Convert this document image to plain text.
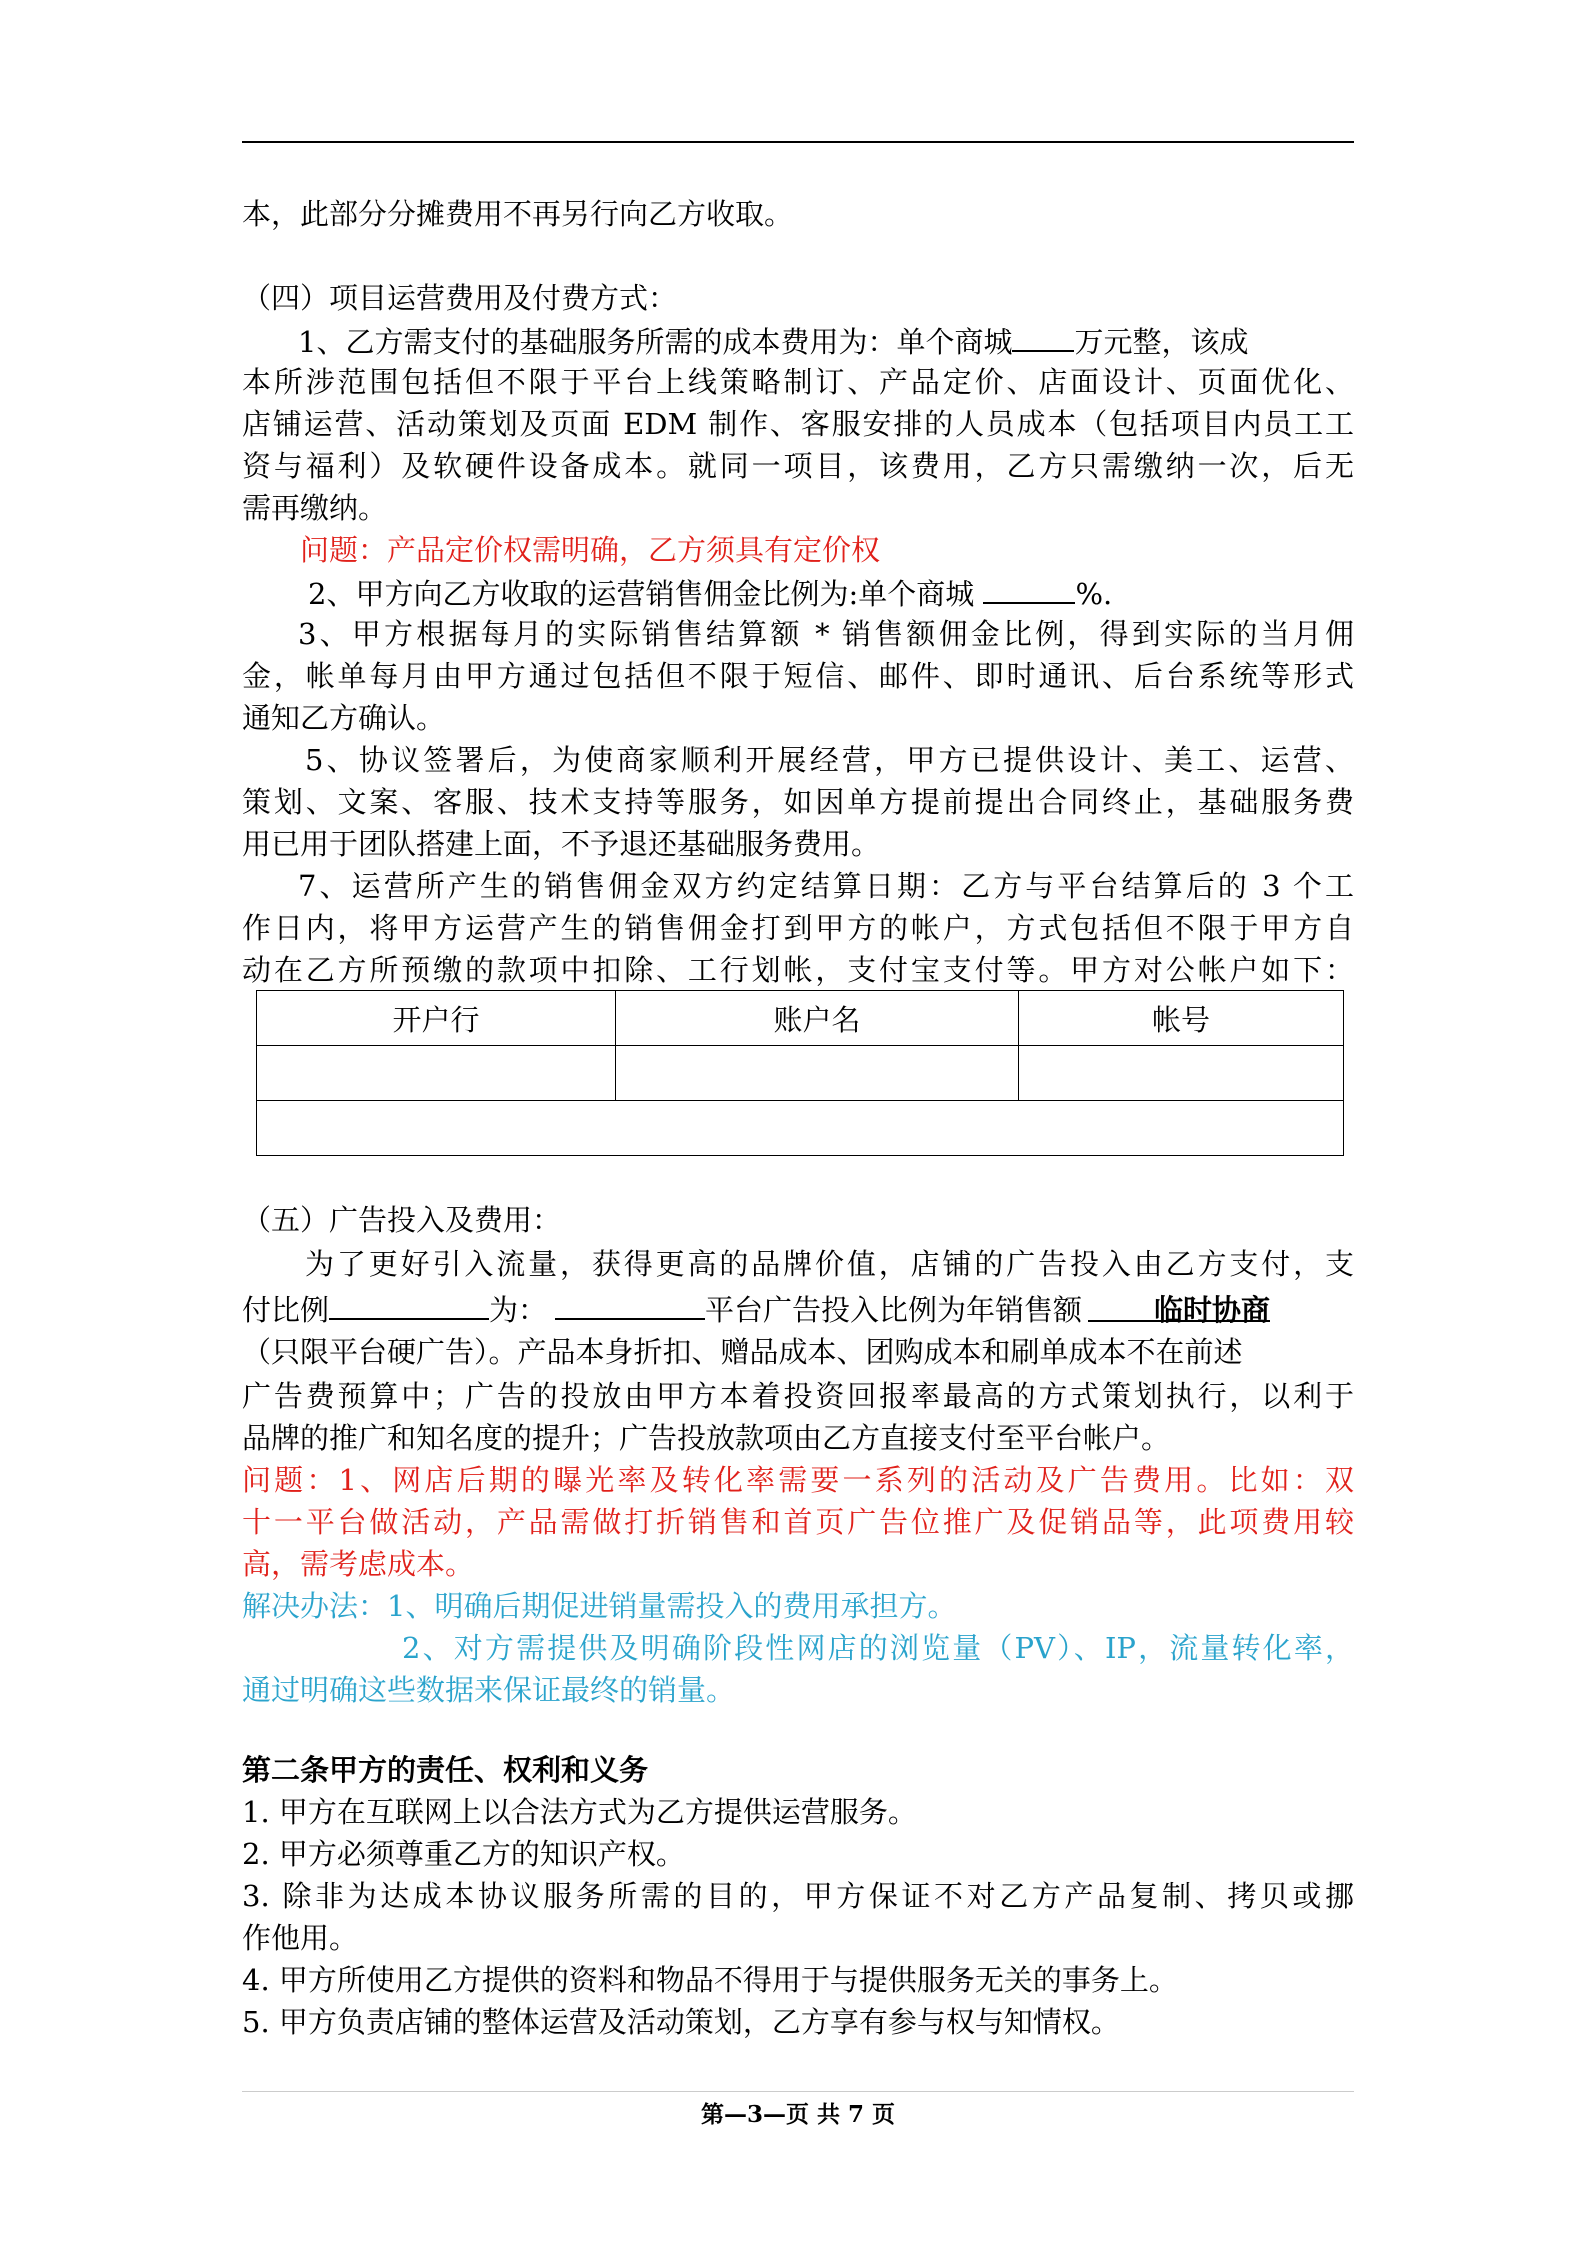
本，此部分分摊费用不再另行向乙方收取。
（四）项目运营费用及付费方式：
1、乙方需支付的基础服务所需的成本费用为：单个商城 万元整，该成
本所涉范围包括但不限于平台上线策略制订、产品定价、店面设计、页面优化、
店铺运营、活动策划及页面 EDM 制作、客服安排的人员成本（包括项目内员工工
资与福利）及软硬件设备成本。就同一项目，该费用，乙方只需缴纳一次，后无
需再缴纳。
问题：产品定价权需明确，乙方须具有定价权
2、甲方向乙方收取的运营销售佣金比例为:单个商城	%.
3、甲方根据每月的实际销售结算额 * 销售额佣金比例，得到实际的当月佣
金，帐单每月由甲方通过包括但不限于短信、邮件、即时通讯、后台系统等形式
通知乙方确认。
5、协议签署后，为使商家顺利开展经营，甲方已提供设计、美工、运营、
策划、文案、客服、技术支持等服务，如因单方提前提出合同终止，基础服务费
用已用于团队搭建上面，不予退还基础服务费用。
7、运营所产生的销售佣金双方约定结算日期：乙方与平台结算后的 3 个工
作日内，将甲方运营产生的销售佣金打到甲方的帐户，方式包括但不限于甲方自
动在乙方所预缴的款项中扣除、工行划帐，支付宝支付等。甲方对公帐户如下：
开户行	账户名	帐号

（五）广告投入及费用：
为了更好引入流量，获得更高的品牌价值，店铺的广告投入由乙方支付，支
付比例	为：	平台广告投入比例为年销售额 临时协商
（只限平台硬广告）。产品本身折扣、赠品成本、团购成本和刷单成本不在前述
广告费预算中；广告的投放由甲方本着投资回报率最高的方式策划执行，以利于
品牌的推广和知名度的提升；广告投放款项由乙方直接支付至平台帐户。
问题：1、网店后期的曝光率及转化率需要一系列的活动及广告费用。比如：双
十一平台做活动，产品需做打折销售和首页广告位推广及促销品等，此项费用较
高，需考虑成本。
解决办法：1、明确后期促进销量需投入的费用承担方。
2、对方需提供及明确阶段性网店的浏览量（PV）、IP，流量转化率，
通过明确这些数据来保证最终的销量。
第二条甲方的责任、权利和义务
1. 甲方在互联网上以合法方式为乙方提供运营服务。
2. 甲方必须尊重乙方的知识产权。
3. 除非为达成本协议服务所需的目的，甲方保证不对乙方产品复制、拷贝或挪
作他用。
4. 甲方所使用乙方提供的资料和物品不得用于与提供服务无关的事务上。
5. 甲方负责店铺的整体运营及活动策划，乙方享有参与权与知情权。
第—3—页 共 7 页
